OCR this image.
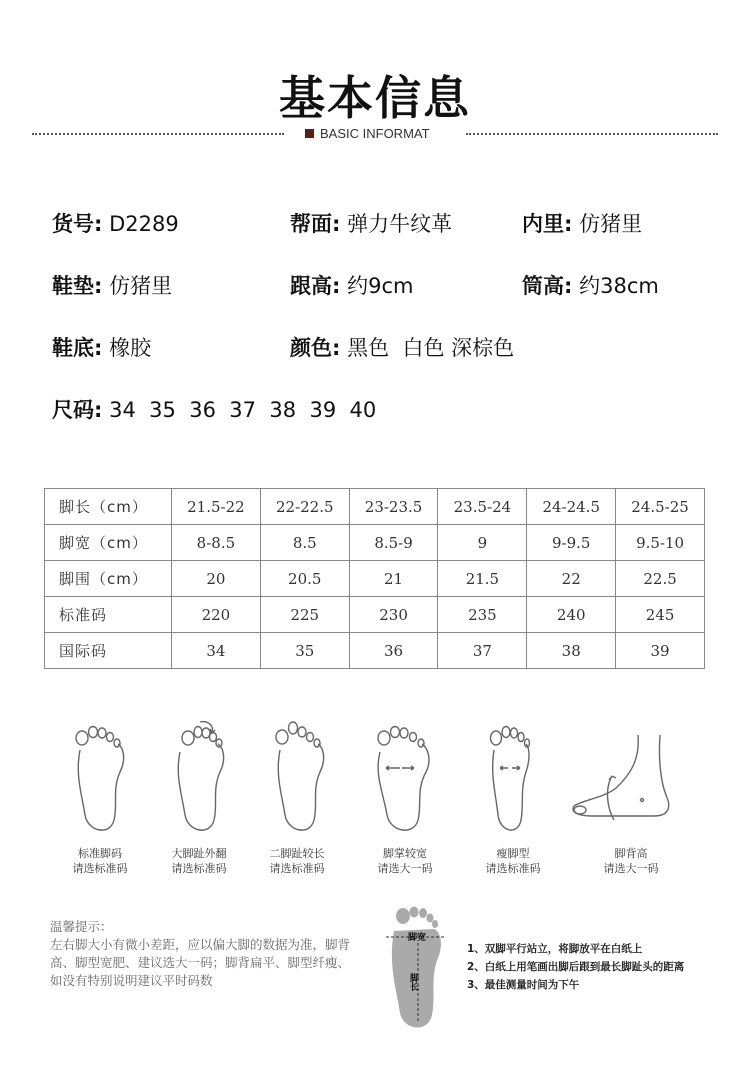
基本信息
BASIC INFORMAT
货号: D2289	帮面: 弹力牛纹革	内里: 仿猪里
鞋垫: 仿猪里	跟高: 约9cm	筒高: 约38cm
鞋底: 橡胶	颜色: 黑色  白色 深棕色
尺码: 34  35  36  37  38  39  40
脚长（cm）	21.5-22	22-22.5	23-23.5	23.5-24	24-24.5	24.5-25
脚宽（cm）	8-8.5	8.5	8.5-9	9	9-9.5	9.5-10
脚围（cm）	20	20.5	21	21.5	22	22.5
标准码	220	225	230	235	240	245
国际码	34	35	36	37	38	39
标准脚码
请选标准码
大脚趾外翻
请选标准码
二脚趾较长
请选标准码
脚掌较宽
请选大一码
瘦脚型
请选标准码
脚背高
请选大一码
温馨提示：
左右脚大小有微小差距，应以偏大脚的数据为准，脚背高、脚型宽肥、建议选大一码；脚背扁平、脚型纤瘦、如没有特别说明建议平时码数
脚宽
脚长
1、双脚平行站立，将脚放平在白纸上
2、白纸上用笔画出脚后跟到最长脚趾头的距离
3、最佳测量时间为下午
